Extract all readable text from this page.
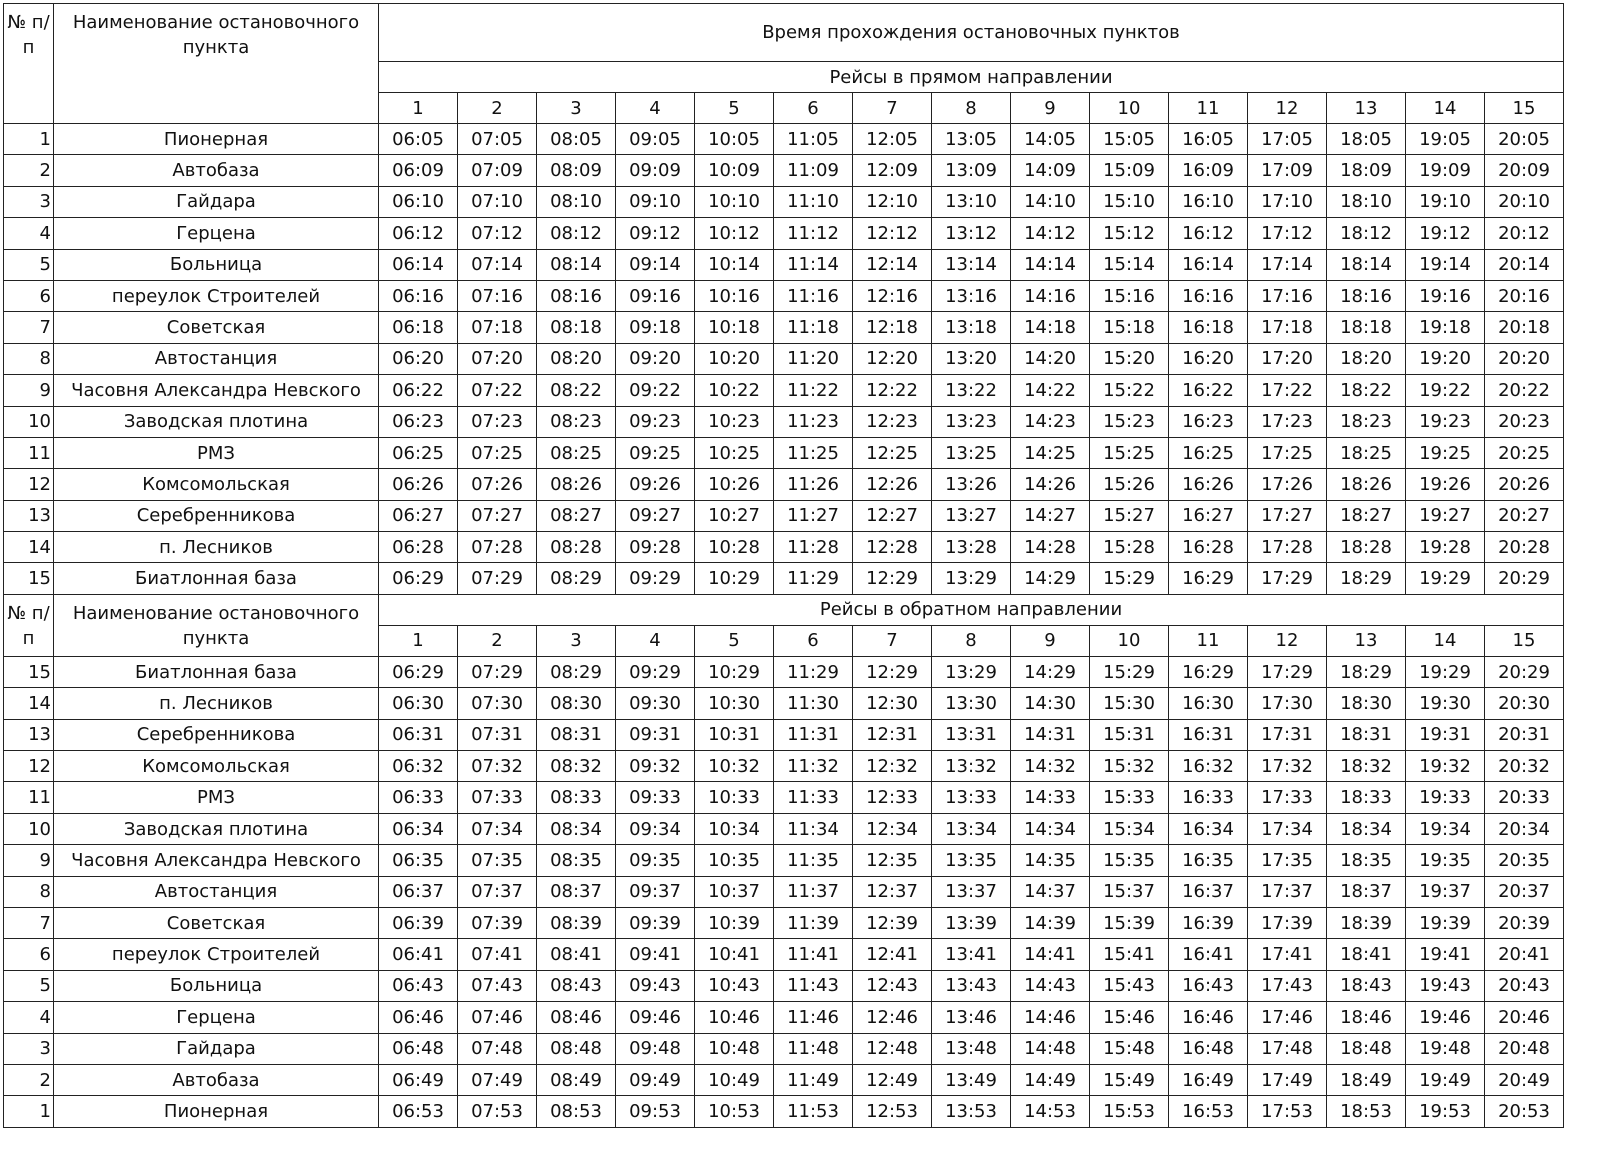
№ п/п	Наименование остановочного пункта	Время прохождения остановочных пунктов														
		Рейсы в прямом направлении														
		1	2	3	4	5	6	7	8	9	10	11	12	13	14	15
1	Пионерная	06:05	07:05	08:05	09:05	10:05	11:05	12:05	13:05	14:05	15:05	16:05	17:05	18:05	19:05	20:05
2	Автобаза	06:09	07:09	08:09	09:09	10:09	11:09	12:09	13:09	14:09	15:09	16:09	17:09	18:09	19:09	20:09
3	Гайдара	06:10	07:10	08:10	09:10	10:10	11:10	12:10	13:10	14:10	15:10	16:10	17:10	18:10	19:10	20:10
4	Герцена	06:12	07:12	08:12	09:12	10:12	11:12	12:12	13:12	14:12	15:12	16:12	17:12	18:12	19:12	20:12
5	Больница	06:14	07:14	08:14	09:14	10:14	11:14	12:14	13:14	14:14	15:14	16:14	17:14	18:14	19:14	20:14
6	переулок Строителей	06:16	07:16	08:16	09:16	10:16	11:16	12:16	13:16	14:16	15:16	16:16	17:16	18:16	19:16	20:16
7	Советская	06:18	07:18	08:18	09:18	10:18	11:18	12:18	13:18	14:18	15:18	16:18	17:18	18:18	19:18	20:18
8	Автостанция	06:20	07:20	08:20	09:20	10:20	11:20	12:20	13:20	14:20	15:20	16:20	17:20	18:20	19:20	20:20
9	Часовня Александра Невского	06:22	07:22	08:22	09:22	10:22	11:22	12:22	13:22	14:22	15:22	16:22	17:22	18:22	19:22	20:22
10	Заводская плотина	06:23	07:23	08:23	09:23	10:23	11:23	12:23	13:23	14:23	15:23	16:23	17:23	18:23	19:23	20:23
11	РМЗ	06:25	07:25	08:25	09:25	10:25	11:25	12:25	13:25	14:25	15:25	16:25	17:25	18:25	19:25	20:25
12	Комсомольская	06:26	07:26	08:26	09:26	10:26	11:26	12:26	13:26	14:26	15:26	16:26	17:26	18:26	19:26	20:26
13	Серебренникова	06:27	07:27	08:27	09:27	10:27	11:27	12:27	13:27	14:27	15:27	16:27	17:27	18:27	19:27	20:27
14	п. Лесников	06:28	07:28	08:28	09:28	10:28	11:28	12:28	13:28	14:28	15:28	16:28	17:28	18:28	19:28	20:28
15	Биатлонная база	06:29	07:29	08:29	09:29	10:29	11:29	12:29	13:29	14:29	15:29	16:29	17:29	18:29	19:29	20:29
№ п/п	Наименование остановочного пункта	Рейсы в обратном направлении														
		1	2	3	4	5	6	7	8	9	10	11	12	13	14	15
15	Биатлонная база	06:29	07:29	08:29	09:29	10:29	11:29	12:29	13:29	14:29	15:29	16:29	17:29	18:29	19:29	20:29
14	п. Лесников	06:30	07:30	08:30	09:30	10:30	11:30	12:30	13:30	14:30	15:30	16:30	17:30	18:30	19:30	20:30
13	Серебренникова	06:31	07:31	08:31	09:31	10:31	11:31	12:31	13:31	14:31	15:31	16:31	17:31	18:31	19:31	20:31
12	Комсомольская	06:32	07:32	08:32	09:32	10:32	11:32	12:32	13:32	14:32	15:32	16:32	17:32	18:32	19:32	20:32
11	РМЗ	06:33	07:33	08:33	09:33	10:33	11:33	12:33	13:33	14:33	15:33	16:33	17:33	18:33	19:33	20:33
10	Заводская плотина	06:34	07:34	08:34	09:34	10:34	11:34	12:34	13:34	14:34	15:34	16:34	17:34	18:34	19:34	20:34
9	Часовня Александра Невского	06:35	07:35	08:35	09:35	10:35	11:35	12:35	13:35	14:35	15:35	16:35	17:35	18:35	19:35	20:35
8	Автостанция	06:37	07:37	08:37	09:37	10:37	11:37	12:37	13:37	14:37	15:37	16:37	17:37	18:37	19:37	20:37
7	Советская	06:39	07:39	08:39	09:39	10:39	11:39	12:39	13:39	14:39	15:39	16:39	17:39	18:39	19:39	20:39
6	переулок Строителей	06:41	07:41	08:41	09:41	10:41	11:41	12:41	13:41	14:41	15:41	16:41	17:41	18:41	19:41	20:41
5	Больница	06:43	07:43	08:43	09:43	10:43	11:43	12:43	13:43	14:43	15:43	16:43	17:43	18:43	19:43	20:43
4	Герцена	06:46	07:46	08:46	09:46	10:46	11:46	12:46	13:46	14:46	15:46	16:46	17:46	18:46	19:46	20:46
3	Гайдара	06:48	07:48	08:48	09:48	10:48	11:48	12:48	13:48	14:48	15:48	16:48	17:48	18:48	19:48	20:48
2	Автобаза	06:49	07:49	08:49	09:49	10:49	11:49	12:49	13:49	14:49	15:49	16:49	17:49	18:49	19:49	20:49
1	Пионерная	06:53	07:53	08:53	09:53	10:53	11:53	12:53	13:53	14:53	15:53	16:53	17:53	18:53	19:53	20:53
